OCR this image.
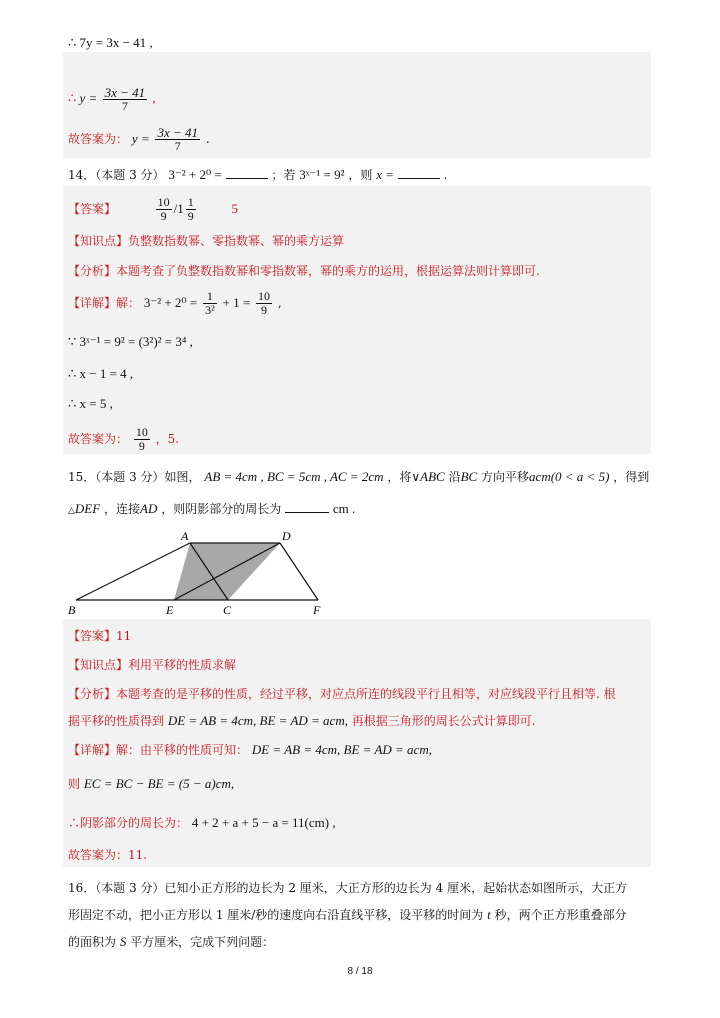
∴ 7y = 3x − 41 ,
∴ $y = \frac{3x - 41}{7}$ ,
故答案为： $y = \frac{3x - 41}{7}$ .
14．（本题 3 分） 3⁻² + 2⁰ =	；若 3ˣ⁻¹ = 9² ，则 x =	.
【答案】	$\frac{10}{9} /1 \frac{1}{9}$	5
【知识点】负整数指数幂、零指数幂、幂的乘方运算
【分析】本题考查了负整数指数幂和零指数幂，幂的乘方的运用，根据运算法则计算即可.
【详解】解： $3^{-2} + 2^0 = \frac{1}{\text{3²}} + 1 = \frac{10}{9}$ ,
∵ 3ˣ⁻¹ = 9² = (3²)² = 3⁴ ,
∴ x − 1 = 4 ,
∴ x = 5 ,
故答案为： $\frac{10}{9}$ ，5.
15．（本题 3 分）如图， AB = 4cm , BC = 5cm , AC = 2cm ，将∨ABC 沿BC 方向平移acm(0 < a < 5) ，得到
△DEF ，连接AD ，则阴影部分的周长为	cm .
A	D
B	E	C	F
【答案】11
【知识点】利用平移的性质求解
【分析】本题考查的是平移的性质，经过平移，对应点所连的线段平行且相等，对应线段平行且相等. 根
据平移的性质得到 DE = AB = 4cm, BE = AD = acm, 再根据三角形的周长公式计算即可.
【详解】解：由平移的性质可知： DE = AB = 4cm, BE = AD = acm,
则 EC = BC − BE = (5 − a)cm,
∴阴影部分的周长为： 4 + 2 + a + 5 − a = 11(cm) ,
故答案为：11.
16．（本题 3 分）已知小正方形的边长为 2 厘米，大正方形的边长为 4 厘米，起始状态如图所示，大正方
形固定不动，把小正方形以 1 厘米/秒的速度向右沿直线平移，设平移的时间为 t 秒，两个正方形重叠部分
的面积为 S 平方厘米，完成下列问题：
8 / 18
